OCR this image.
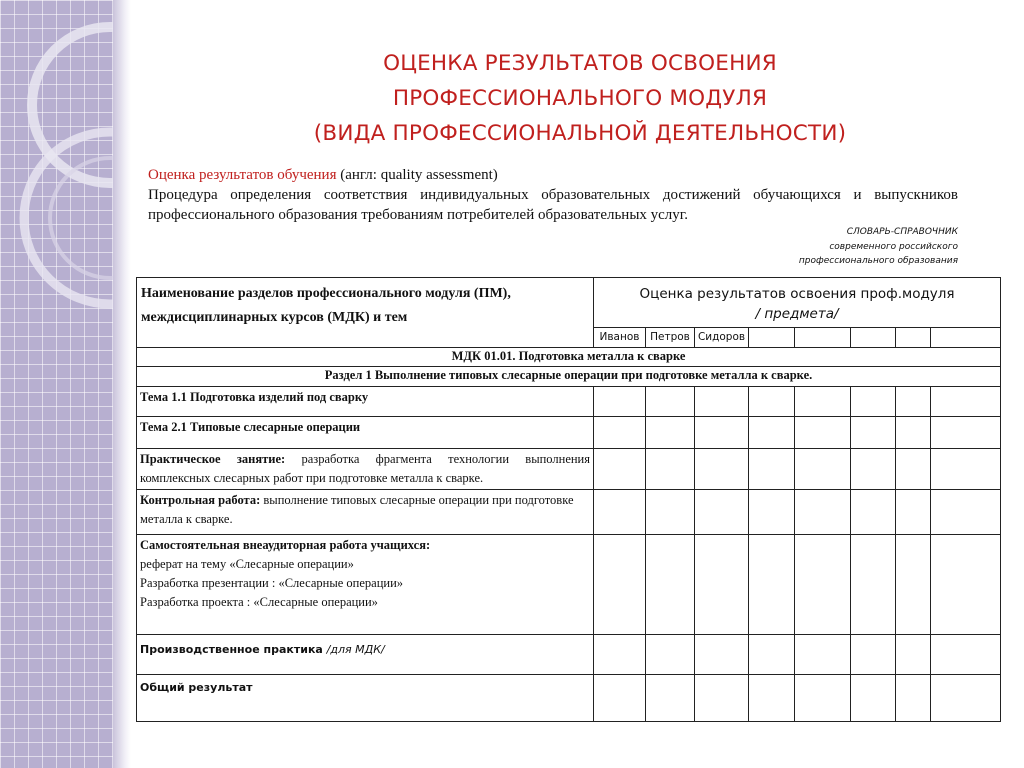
ОЦЕНКА РЕЗУЛЬТАТОВ ОСВОЕНИЯ
ПРОФЕССИОНАЛЬНОГО МОДУЛЯ
(ВИДА ПРОФЕССИОНАЛЬНОЙ ДЕЯТЕЛЬНОСТИ)
Оценка результатов обучения (англ: quality assessment)
Процедура определения соответствия индивидуальных образовательных достижений обучающихся и выпускников профессионального образования требованиям потребителей образовательных услуг.
СЛОВАРЬ-СПРАВОЧНИК
современного российского
профессионального образования
Наименование разделов профессионального модуля (ПМ), междисциплинарных курсов (МДК) и тем	Оценка результатов освоения проф.модуля
/ предмета/							

	Иванов	Петров	Сидоров					
МДК 01.01. Подготовка металла к сварке								
Раздел 1 Выполнение типовых слесарные операции при подготовке металла к сварке.								
Тема 1.1 Подготовка изделий под сварку								
Тема 2.1 Типовые слесарные операции								
Практическое занятие: разработка фрагмента технологии выполнения комплексных слесарных работ при подготовке металла к сварке.								
Контрольная работа: выполнение типовых слесарные операции при подготовке металла к сварке.								

Самостоятельная внеаудиторная работа учащихся:
реферат на тему «Слесарные операции»
Разработка презентации : «Слесарные операции»
Разработка проекта : «Слесарные операции»								

Производственное практика /для МДК/								
Общий результат								
